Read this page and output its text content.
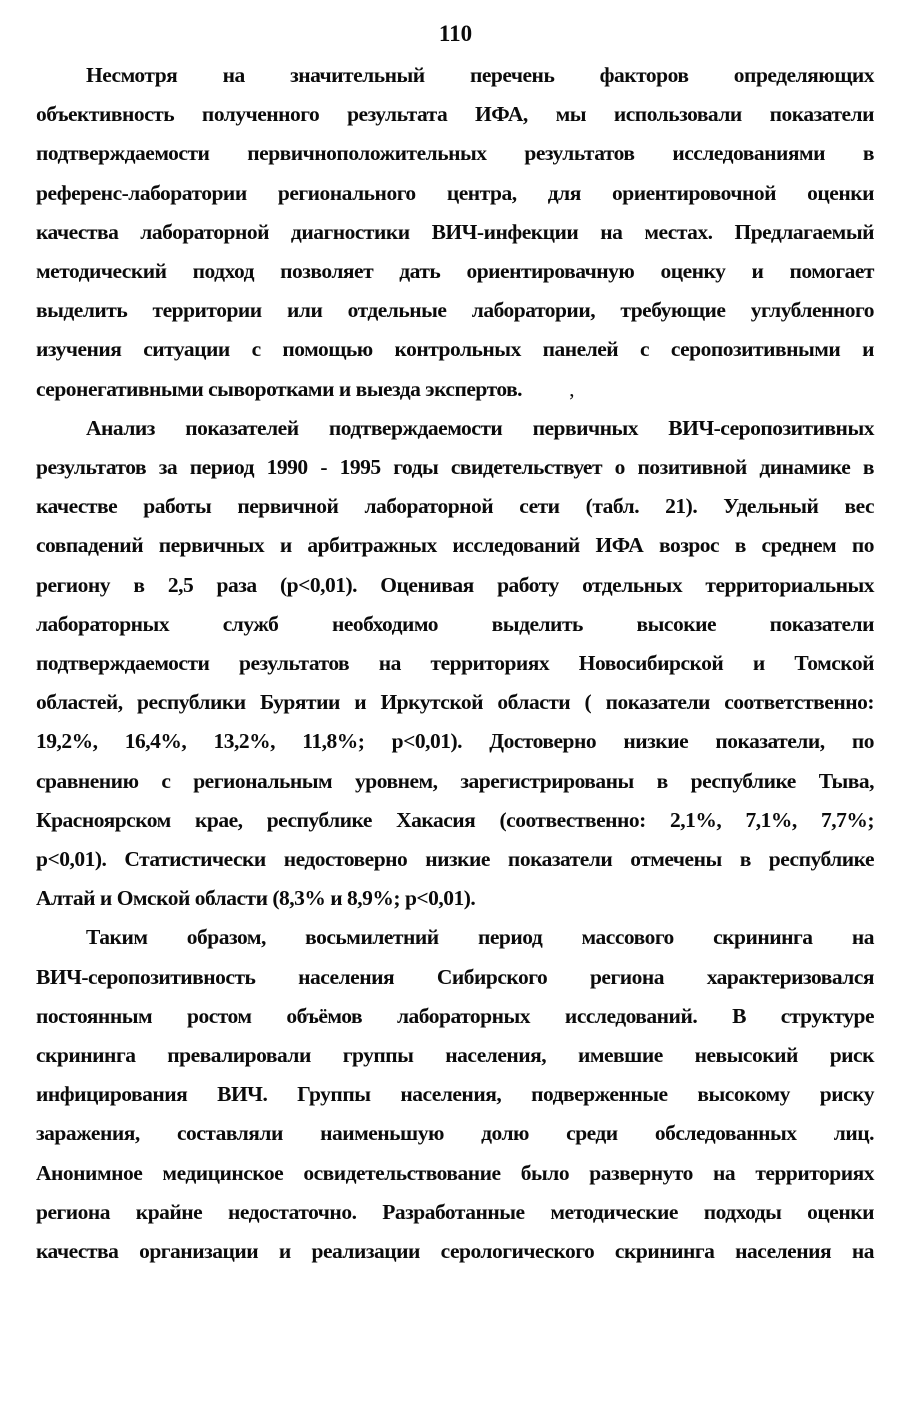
110
Несмотря на значительный перечень факторов определяющих
объективность полученного результата ИФА, мы использовали показатели
подтверждаемости первичноположительных результатов исследованиями в
референс-лаборатории регионального центра, для ориентировочной оценки
качества лабораторной диагностики ВИЧ-инфекции на местах. Предлагаемый
методический подход позволяет дать ориентировачную оценку и помогает
выделить территории или отдельные лаборатории, требующие углубленного
изучения ситуации с помощью контрольных панелей с серопозитивными и
серонегативными сыворотками и выезда экспертов. ‚
Анализ показателей подтверждаемости первичных ВИЧ-серопозитивных
результатов за период 1990 - 1995 годы свидетельствует о позитивной динамике в
качестве работы первичной лабораторной сети (табл. 21). Удельный вес
совпадений первичных и арбитражных исследований ИФА возрос в среднем по
региону в 2,5 раза (р<0,01). Оценивая работу отдельных территориальных
лабораторных служб необходимо выделить высокие показатели
подтверждаемости результатов на территориях Новосибирской и Томской
областей, республики Бурятии и Иркутской области ( показатели соответственно:
19,2%, 16,4%, 13,2%, 11,8%; р<0,01). Достоверно низкие показатели, по
сравнению с региональным уровнем, зарегистрированы в республике Тыва,
Красноярском крае, республике Хакасия (соотвественно: 2,1%, 7,1%, 7,7%;
р<0,01). Статистически недостоверно низкие показатели отмечены в республике
Алтай и Омской области (8,3% и 8,9%; р<0,01).
Таким образом, восьмилетний период массового скрининга на
ВИЧ-серопозитивность населения Сибирского региона характеризовался
постоянным ростом объёмов лабораторных исследований. В структуре
скрининга превалировали группы населения, имевшие невысокий риск
инфицирования ВИЧ. Группы населения, подверженные высокому риску
заражения, составляли наименьшую долю среди обследованных лиц.
Анонимное медицинское освидетельствование было развернуто на территориях
региона крайне недостаточно. Разработанные методические подходы оценки
качества организации и реализации серологического скрининга населения на
